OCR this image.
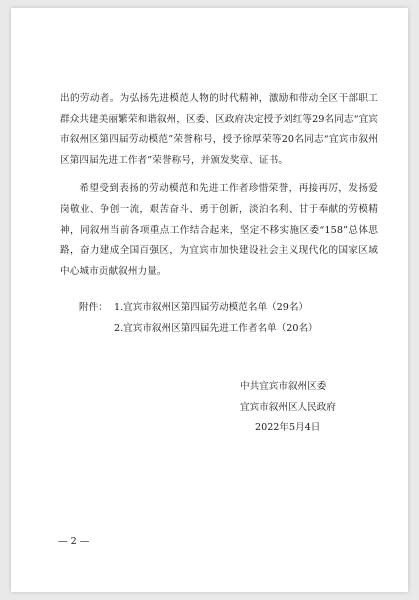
出的劳动者。为弘扬先进模范人物的时代精神，激励和带动全区干部职工群众共建美丽繁荣和谐叙州，区委、区政府决定授予刘红等29名同志“宜宾市叙州区第四届劳动模范”荣誉称号，授予徐厚荣等20名同志“宜宾市叙州区第四届先进工作者”荣誉称号，并颁发奖章、证书。

希望受到表扬的劳动模范和先进工作者珍惜荣誉，再接再厉，发扬爱岗敬业、争创一流，艰苦奋斗、勇于创新，淡泊名利、甘于奉献的劳模精神，同叙州当前各项重点工作结合起来，坚定不移实施区委“158”总体思路，奋力建成全国百强区，为宜宾市加快建设社会主义现代化的国家区域中心城市贡献叙州力量。

附件： 1.宜宾市叙州区第四届劳动模范名单（29名）
2.宜宾市叙州区第四届先进工作者名单（20名）
中共宜宾市叙州区委
宜宾市叙州区人民政府
2022年5月4日
— 2 —
